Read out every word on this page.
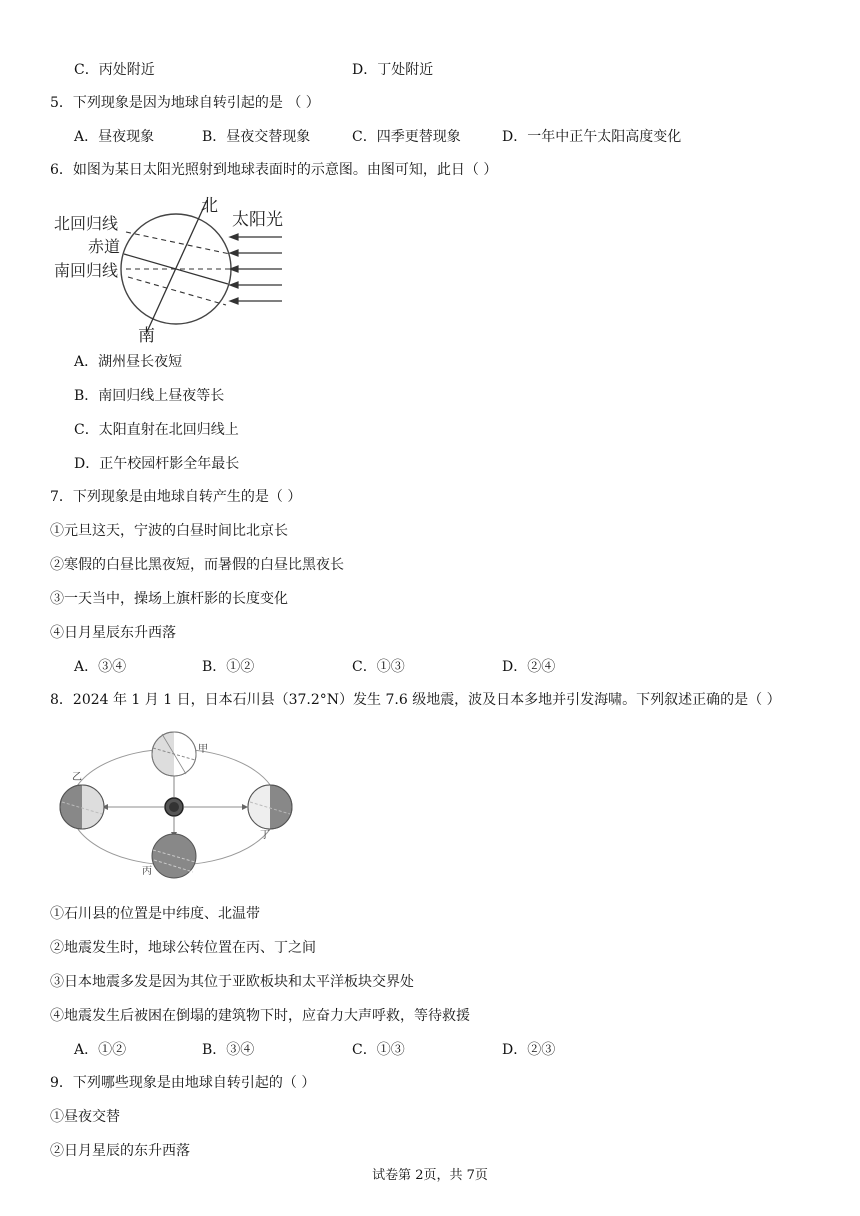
C．丙处附近	D．丁处附近
5．下列现象是因为地球自转引起的是 （ ）
A．昼夜现象	B．昼夜交替现象	C．四季更替现象	D．一年中正午太阳高度变化
6．如图为某日太阳光照射到地球表面时的示意图。由图可知，此日（ ）
北
南
北回归线
赤道
南回归线
太阳光
A．湖州昼长夜短
B．南回归线上昼夜等长
C．太阳直射在北回归线上
D．正午校园杆影全年最长
7．下列现象是由地球自转产生的是（ ）
①元旦这天，宁波的白昼时间比北京长
②寒假的白昼比黑夜短，而暑假的白昼比黑夜长
③一天当中，操场上旗杆影的长度变化
④日月星辰东升西落
A．③④	B．①②	C．①③	D．②④
8．2024 年 1 月 1 日，日本石川县（37.2°N）发生 7.6 级地震，波及日本多地并引发海啸。下列叙述正确的是（ ）
甲
乙
丙
丁
①石川县的位置是中纬度、北温带
②地震发生时，地球公转位置在丙、丁之间
③日本地震多发是因为其位于亚欧板块和太平洋板块交界处
④地震发生后被困在倒塌的建筑物下时，应奋力大声呼救，等待救援
A．①②	B．③④	C．①③	D．②③
9．下列哪些现象是由地球自转引起的（ ）
①昼夜交替
②日月星辰的东升西落
试卷第 2页，共 7页
